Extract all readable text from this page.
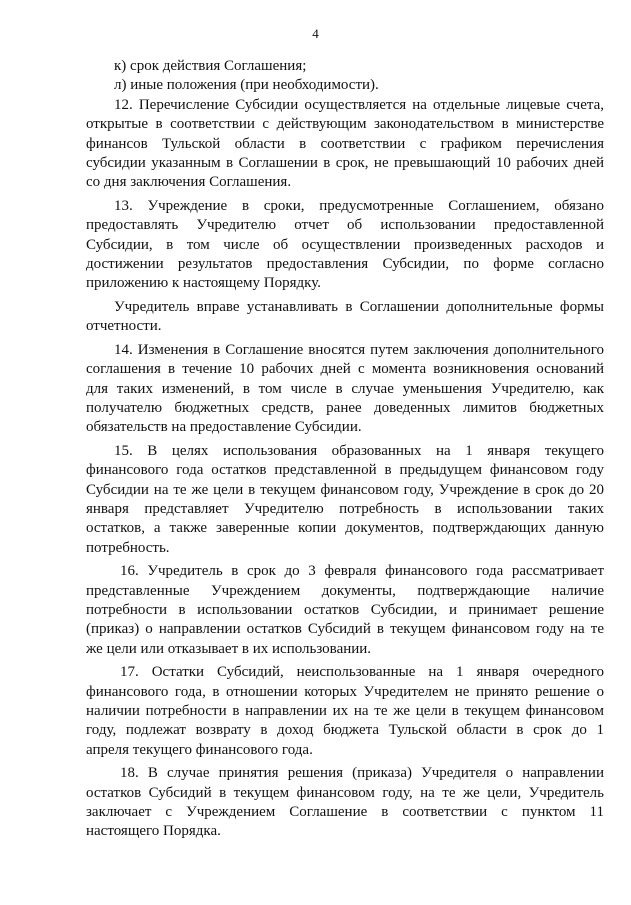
4
к) срок действия Соглашения;
л) иные положения (при необходимости).
12. Перечисление Субсидии осуществляется на отдельные лицевые счета,
открытые в соответствии с действующим законодательством в министерстве
финансов Тульской области в соответствии с графиком перечисления
субсидии указанным в Соглашении в срок, не превышающий 10 рабочих дней
со дня заключения Соглашения.
13. Учреждение в сроки, предусмотренные Соглашением, обязано
предоставлять Учредителю отчет об использовании предоставленной
Субсидии, в том числе об осуществлении произведенных расходов и
достижении результатов предоставления Субсидии, по форме согласно
приложению к настоящему Порядку.
Учредитель вправе устанавливать в Соглашении дополнительные формы
отчетности.
14. Изменения в Соглашение вносятся путем заключения дополнительного
соглашения в течение 10 рабочих дней с момента возникновения оснований
для таких изменений, в том числе в случае уменьшения Учредителю, как
получателю бюджетных средств, ранее доведенных лимитов бюджетных
обязательств на предоставление Субсидии.
15. В целях использования образованных на 1 января текущего
финансового года остатков представленной в предыдущем финансовом году
Субсидии на те же цели в текущем финансовом году, Учреждение в срок до 20
января представляет Учредителю потребность в использовании таких
остатков, а также заверенные копии документов, подтверждающих данную
потребность.
16. Учредитель в срок до 3 февраля финансового года рассматривает
представленные Учреждением документы, подтверждающие наличие
потребности в использовании остатков Субсидии, и принимает решение
(приказ) о направлении остатков Субсидий в текущем финансовом году на те
же цели или отказывает в их использовании.
17. Остатки Субсидий, неиспользованные на 1 января очередного
финансового года, в отношении которых Учредителем не принято решение о
наличии потребности в направлении их на те же цели в текущем финансовом
году, подлежат возврату в доход бюджета Тульской области в срок до 1
апреля текущего финансового года.
18. В случае принятия решения (приказа) Учредителя о направлении
остатков Субсидий в текущем финансовом году, на те же цели, Учредитель
заключает с Учреждением Соглашение в соответствии с пунктом 11
настоящего Порядка.
